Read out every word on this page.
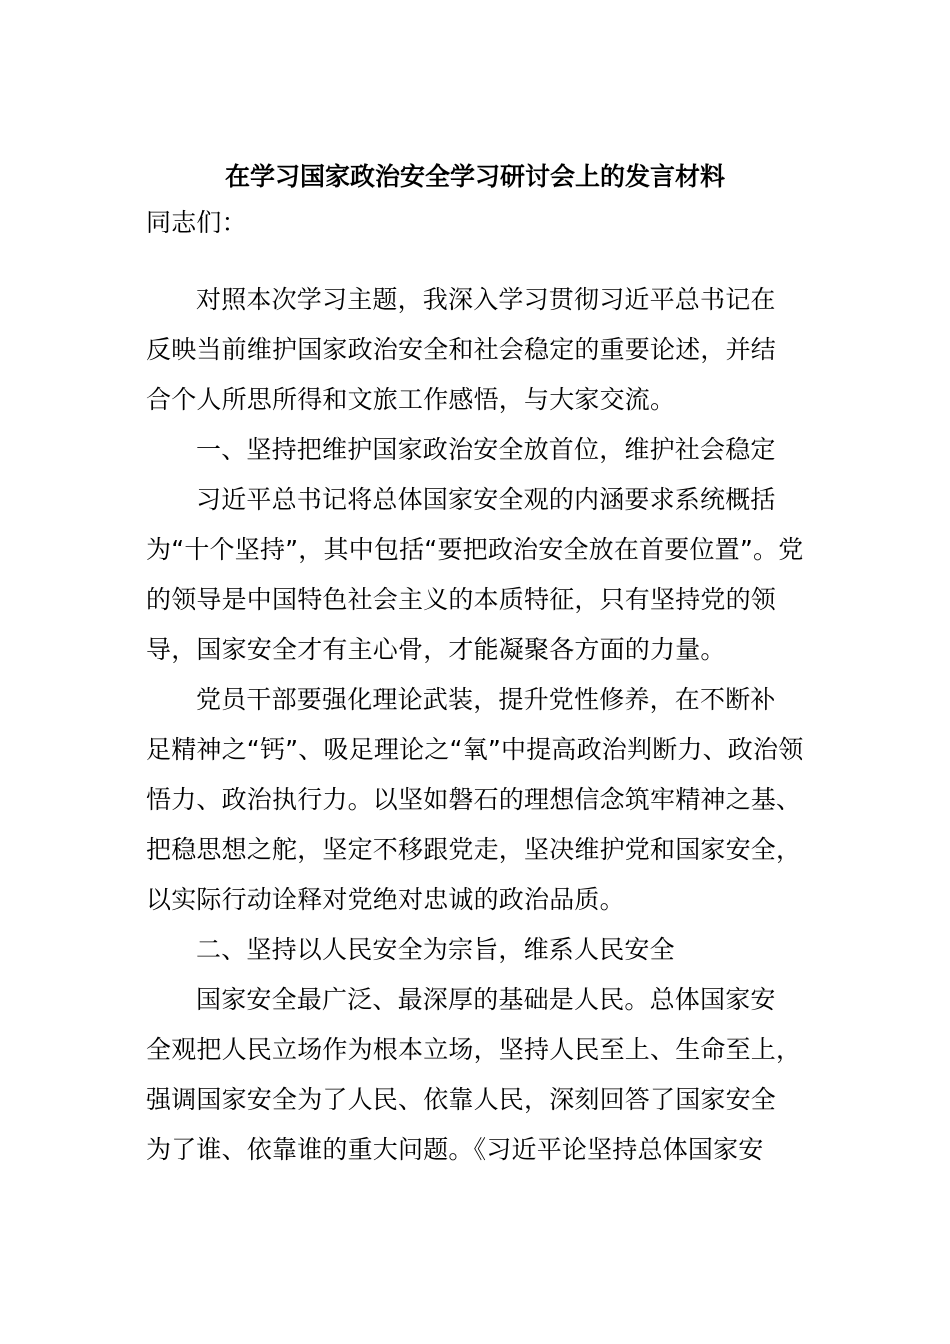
在学习国家政治安全学习研讨会上的发言材料
同志们：
对照本次学习主题，我深入学习贯彻习近平总书记在
反映当前维护国家政治安全和社会稳定的重要论述，并结
合个人所思所得和文旅工作感悟，与大家交流。
一、坚持把维护国家政治安全放首位，维护社会稳定
习近平总书记将总体国家安全观的内涵要求系统概括
为“十个坚持”，其中包括“要把政治安全放在首要位置”。党
的领导是中国特色社会主义的本质特征，只有坚持党的领
导，国家安全才有主心骨，才能凝聚各方面的力量。
党员干部要强化理论武装，提升党性修养，在不断补
足精神之“钙”、吸足理论之“氧”中提高政治判断力、政治领
悟力、政治执行力。以坚如磐石的理想信念筑牢精神之基、
把稳思想之舵，坚定不移跟党走，坚决维护党和国家安全，
以实际行动诠释对党绝对忠诚的政治品质。
二、坚持以人民安全为宗旨，维系人民安全
国家安全最广泛、最深厚的基础是人民。总体国家安
全观把人民立场作为根本立场，坚持人民至上、生命至上，
强调国家安全为了人民、依靠人民，深刻回答了国家安全
为了谁、依靠谁的重大问题。《习近平论坚持总体国家安
